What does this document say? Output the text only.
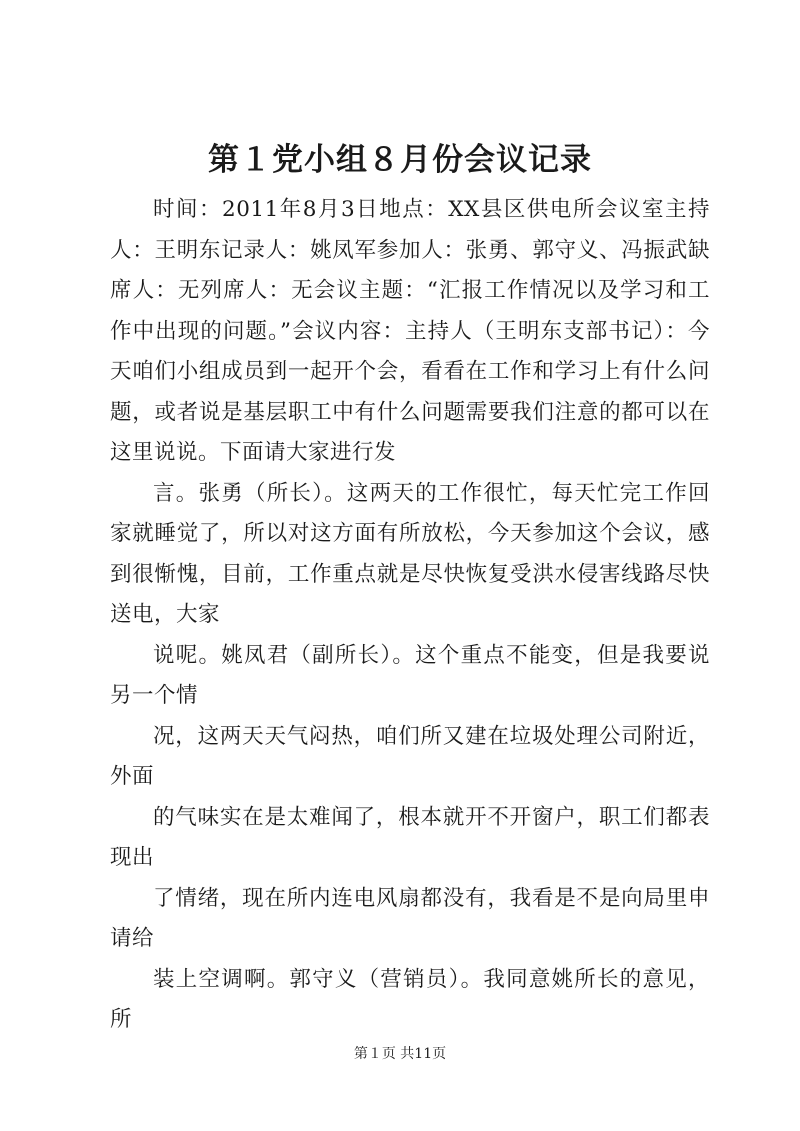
第１党小组８月份会议记录

时间：2011年8月3日地点：XX县区供电所会议室主持人：王明东记录人：姚凤军参加人：张勇、郭守义、冯振武缺席人：无列席人：无会议主题：“汇报工作情况以及学习和工作中出现的问题。”会议内容：主持人（王明东支部书记）：今天咱们小组成员到一起开个会，看看在工作和学习上有什么问题，或者说是基层职工中有什么问题需要我们注意的都可以在这里说说。下面请大家进行发

言。张勇（所长）。这两天的工作很忙，每天忙完工作回家就睡觉了，所以对这方面有所放松，今天参加这个会议，感到很惭愧，目前，工作重点就是尽快恢复受洪水侵害线路尽快送电，大家

说呢。姚凤君（副所长）。这个重点不能变，但是我要说另一个情

况，这两天天气闷热，咱们所又建在垃圾处理公司附近，外面

的气味实在是太难闻了，根本就开不开窗户，职工们都表现出

了情绪，现在所内连电风扇都没有，我看是不是向局里申请给

装上空调啊。郭守义（营销员）。我同意姚所长的意见，所

第１页 共11页
